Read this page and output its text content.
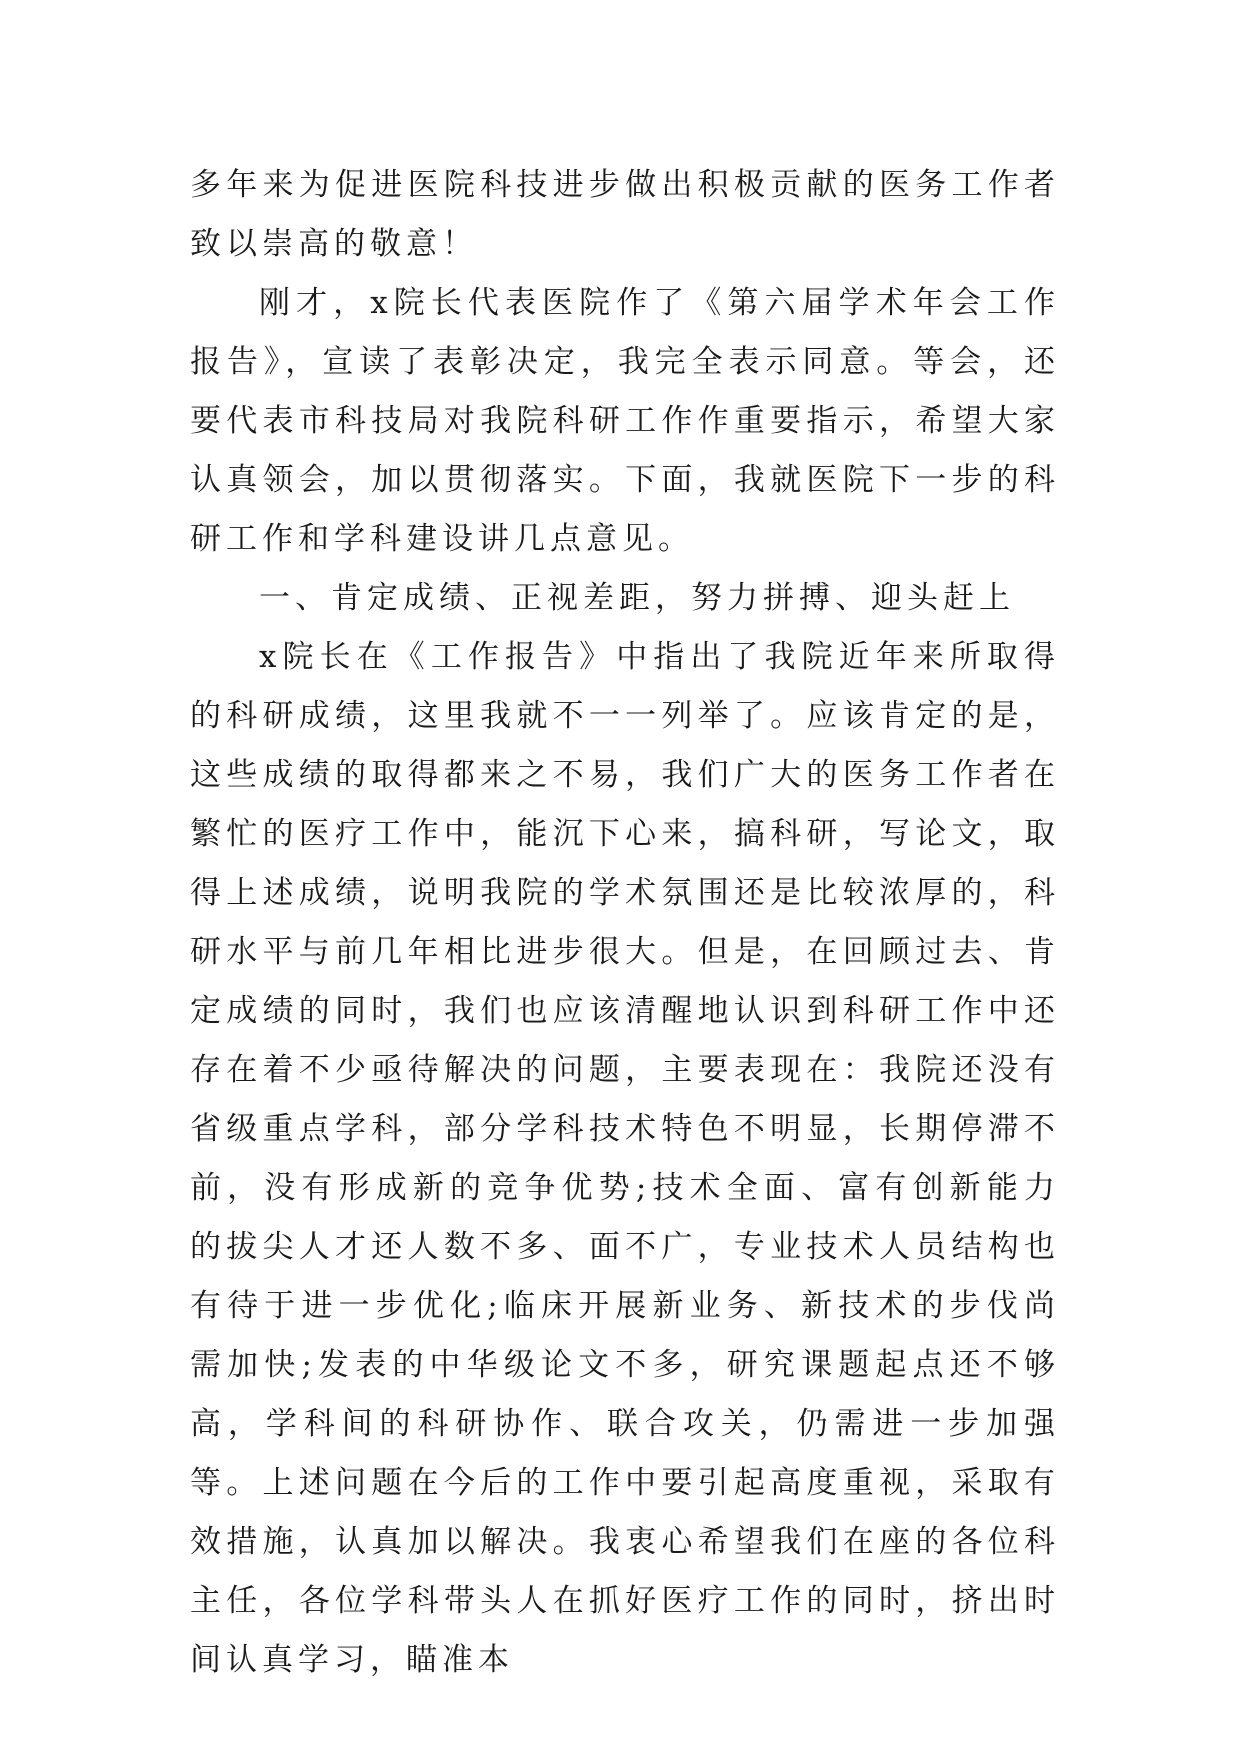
多年来为促进医院科技进步做出积极贡献的医务工作者致以崇高的敬意！

刚才，x院长代表医院作了《第六届学术年会工作报告》，宣读了表彰决定，我完全表示同意。等会，还要代表市科技局对我院科研工作作重要指示，希望大家认真领会，加以贯彻落实。下面，我就医院下一步的科研工作和学科建设讲几点意见。

一、肯定成绩、正视差距，努力拼搏、迎头赶上

x院长在《工作报告》中指出了我院近年来所取得的科研成绩，这里我就不一一列举了。应该肯定的是，这些成绩的取得都来之不易，我们广大的医务工作者在繁忙的医疗工作中，能沉下心来，搞科研，写论文，取得上述成绩，说明我院的学术氛围还是比较浓厚的，科研水平与前几年相比进步很大。但是，在回顾过去、肯定成绩的同时，我们也应该清醒地认识到科研工作中还存在着不少亟待解决的问题，主要表现在：我院还没有省级重点学科，部分学科技术特色不明显，长期停滞不前，没有形成新的竞争优势;技术全面、富有创新能力的拔尖人才还人数不多、面不广，专业技术人员结构也有待于进一步优化;临床开展新业务、新技术的步伐尚需加快;发表的中华级论文不多，研究课题起点还不够高，学科间的科研协作、联合攻关，仍需进一步加强等。上述问题在今后的工作中要引起高度重视，采取有效措施，认真加以解决。我衷心希望我们在座的各位科主任，各位学科带头人在抓好医疗工作的同时，挤出时间认真学习，瞄准本
